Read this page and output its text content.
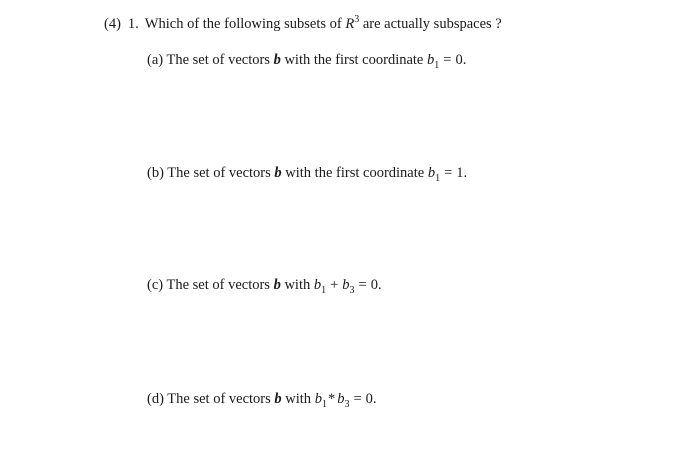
(4) 1. Which of the following subsets of $R^3$ are actually subspaces ?
(a) The set of vectors b with the first coordinate $b_1 = 0$.
(b) The set of vectors b with the first coordinate $b_1 = 1$.
(c) The set of vectors b with $b_1 + b_3 = 0$.
(d) The set of vectors b with $b_1*$ $b_3 = 0$.
